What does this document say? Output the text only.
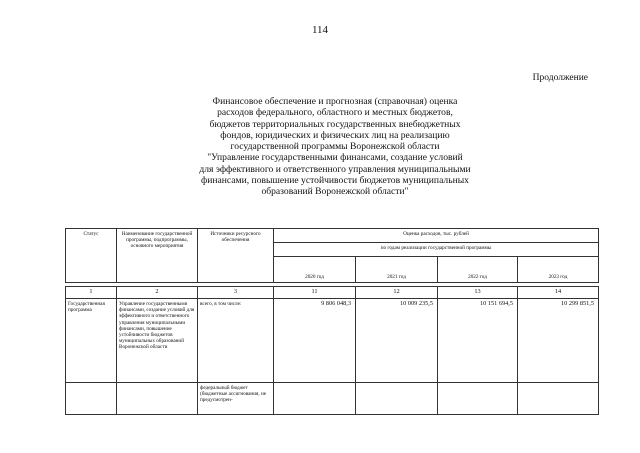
114
Продолжение
Финансовое обеспечение и прогнозная (справочная) оценка
расходов федерального, областного и местных бюджетов,
бюджетов территориальных государственных внебюджетных
фондов, юридических и физических лиц на реализацию
государственной программы Воронежской области
"Управление государственными финансами, создание условий
для эффективного и ответственного управления муниципальными
финансами, повышение устойчивости бюджетов муниципальных
образований Воронежской области"
Статус	Наименование государственной программы, подпрограммы, основного мероприятия	Источники ресурсного обеспечения	Оценка расходов, тыс. рублей			
			по годам реализации государственной программы			
			2020 год	2021 год	2022 год	2023 год

1	2	3	11	12	13	14
Государственная программа	Управление государственными финансами, создание условий для эффективного и ответственного управления муниципальными финансами, повышение устойчивости бюджетов муниципальных образований Воронежской области	всего, в том числе:	9 806 048,3	10 009 235,5	10 151 694,5	10 299 851,5
		федеральный бюджет (бюджетные ассигнования, не предусмотрен-				
